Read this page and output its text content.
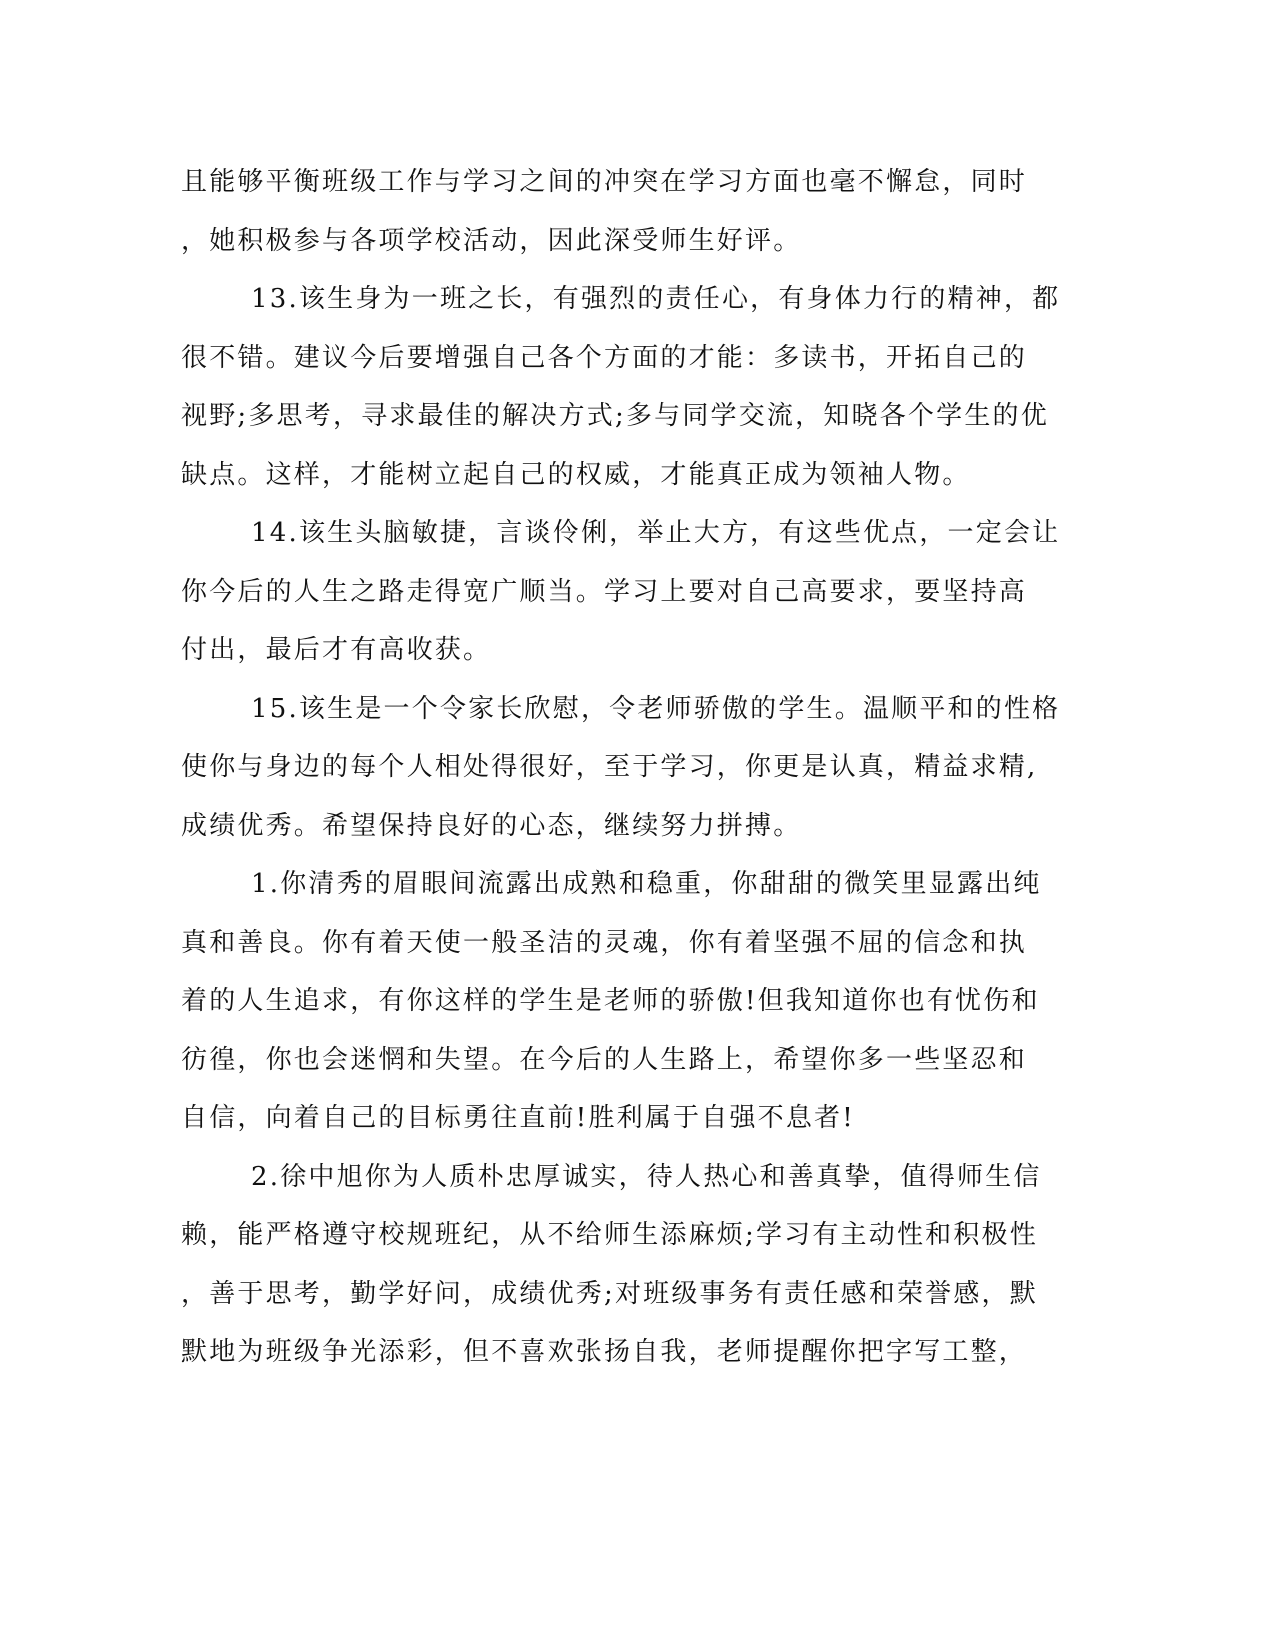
且能够平衡班级工作与学习之间的冲突在学习方面也毫不懈怠，同时
，她积极参与各项学校活动，因此深受师生好评。
13.该生身为一班之长，有强烈的责任心，有身体力行的精神，都
很不错。建议今后要增强自己各个方面的才能：多读书，开拓自己的
视野;多思考，寻求最佳的解决方式;多与同学交流，知晓各个学生的优
缺点。这样，才能树立起自己的权威，才能真正成为领袖人物。
14.该生头脑敏捷，言谈伶俐，举止大方，有这些优点，一定会让
你今后的人生之路走得宽广顺当。学习上要对自己高要求，要坚持高
付出，最后才有高收获。
15.该生是一个令家长欣慰，令老师骄傲的学生。温顺平和的性格
使你与身边的每个人相处得很好，至于学习，你更是认真，精益求精,
成绩优秀。希望保持良好的心态，继续努力拼搏。
1.你清秀的眉眼间流露出成熟和稳重，你甜甜的微笑里显露出纯
真和善良。你有着天使一般圣洁的灵魂，你有着坚强不屈的信念和执
着的人生追求，有你这样的学生是老师的骄傲!但我知道你也有忧伤和
彷徨，你也会迷惘和失望。在今后的人生路上，希望你多一些坚忍和
自信，向着自己的目标勇往直前!胜利属于自强不息者!
2.徐中旭你为人质朴忠厚诚实，待人热心和善真挚，值得师生信
赖，能严格遵守校规班纪，从不给师生添麻烦;学习有主动性和积极性
，善于思考，勤学好问，成绩优秀;对班级事务有责任感和荣誉感，默
默地为班级争光添彩，但不喜欢张扬自我，老师提醒你把字写工整，
